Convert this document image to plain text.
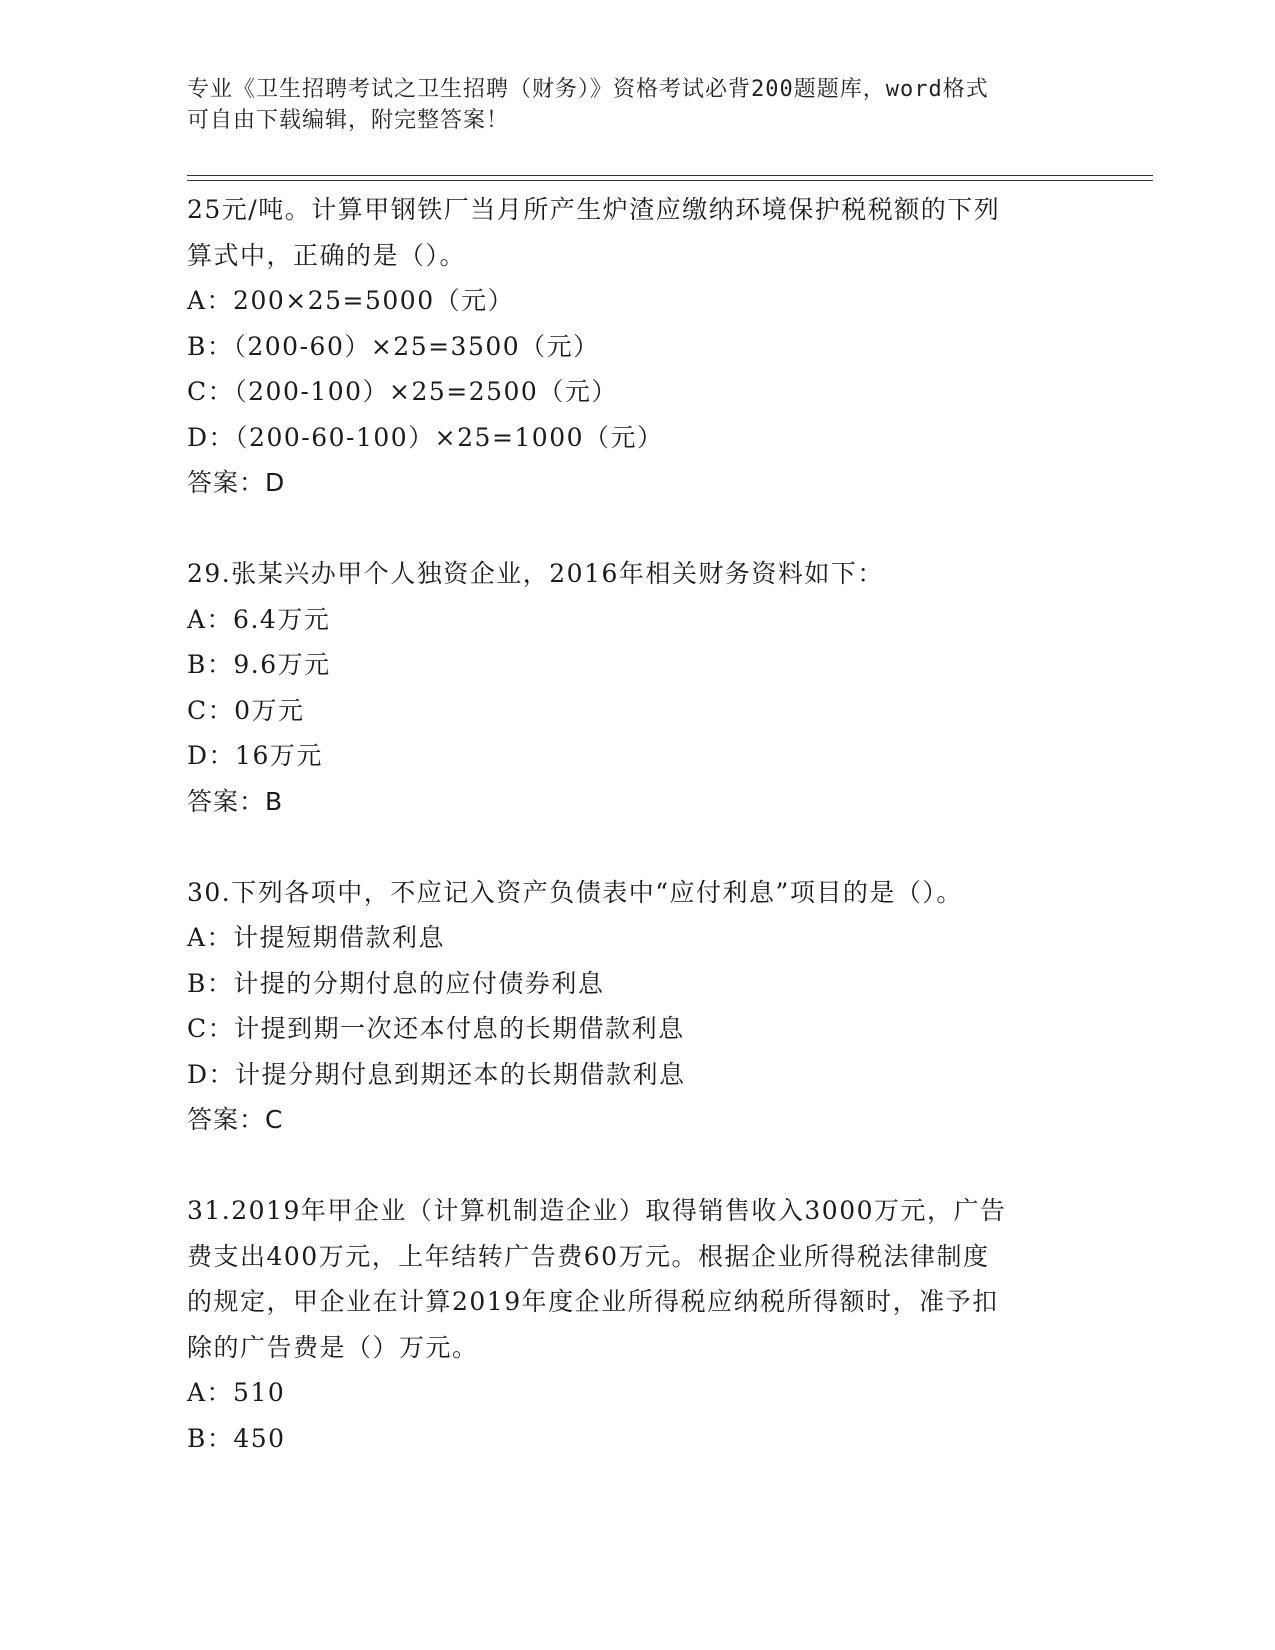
专业《卫生招聘考试之卫生招聘（财务）》资格考试必背200题题库，word格式
可自由下载编辑，附完整答案！
25元/吨。计算甲钢铁厂当月所产生炉渣应缴纳环境保护税税额的下列
算式中，正确的是（）。
A：200×25=5000（元）
B：（200-60）×25=3500（元）
C：（200-100）×25=2500（元）
D：（200-60-100）×25=1000（元）
答案：D
29.张某兴办甲个人独资企业，2016年相关财务资料如下：
A：6.4万元
B：9.6万元
C：0万元
D：16万元
答案：B
30.下列各项中，不应记入资产负债表中“应付利息”项目的是（）。
A：计提短期借款利息
B：计提的分期付息的应付债券利息
C：计提到期一次还本付息的长期借款利息
D：计提分期付息到期还本的长期借款利息
答案：C
31.2019年甲企业（计算机制造企业）取得销售收入3000万元，广告
费支出400万元，上年结转广告费60万元。根据企业所得税法律制度
的规定，甲企业在计算2019年度企业所得税应纳税所得额时，准予扣
除的广告费是（）万元。
A：510
B：450
